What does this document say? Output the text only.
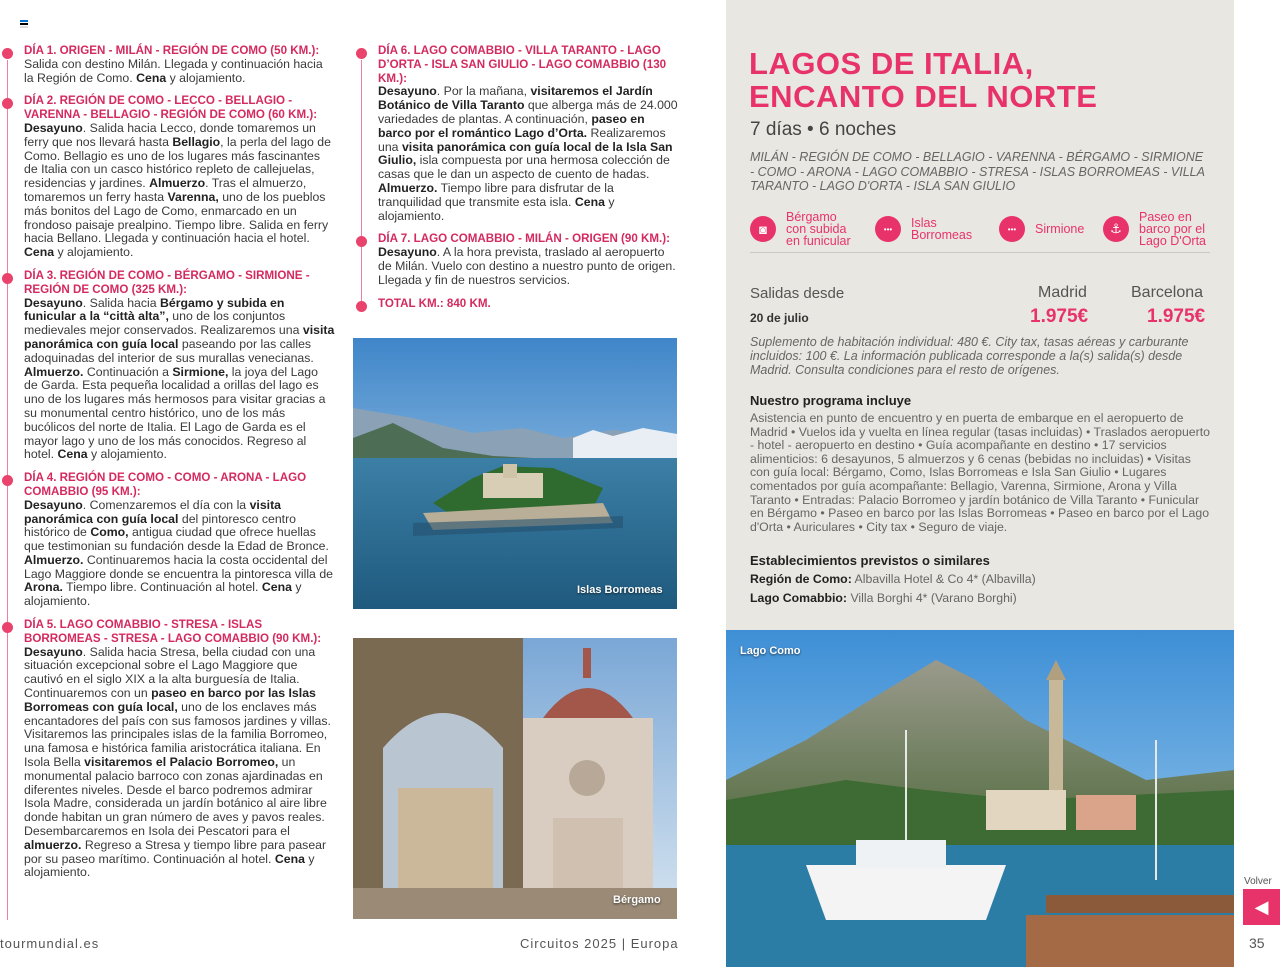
DÍA 1. ORIGEN - MILÁN - REGIÓN DE COMO (50 KM.):
Salida con destino Milán. Llegada y continuación hacia la Región de Como. Cena y alojamiento.
DÍA 2. REGIÓN DE COMO - LECCO - BELLAGIO - VARENNA - BELLAGIO - REGIÓN DE COMO (60 KM.):
Desayuno. Salida hacia Lecco, donde tomaremos un ferry que nos llevará hasta Bellagio, la perla del lago de Como. Bellagio es uno de los lugares más fascinantes de Italia con un casco histórico repleto de callejuelas, residencias y jardines. Almuerzo. Tras el almuerzo, tomaremos un ferry hasta Varenna, uno de los pueblos más bonitos del Lago de Como, enmarcado en un frondoso paisaje prealpino. Tiempo libre. Salida en ferry hacia Bellano. Llegada y continuación hacia el hotel. Cena y alojamiento.
DÍA 3. REGIÓN DE COMO - BÉRGAMO - SIRMIONE - REGIÓN DE COMO (325 KM.):
Desayuno. Salida hacia Bérgamo y subida en funicular a la “città alta”, uno de los conjuntos medievales mejor conservados. Realizaremos una visita panorámica con guía local paseando por las calles adoquinadas del interior de sus murallas venecianas. Almuerzo. Continuación a Sirmione, la joya del Lago de Garda. Esta pequeña localidad a orillas del lago es uno de los lugares más hermosos para visitar gracias a su monumental centro histórico, uno de los más bucólicos del norte de Italia. El Lago de Garda es el mayor lago y uno de los más conocidos. Regreso al hotel. Cena y alojamiento.
DÍA 4. REGIÓN DE COMO - COMO - ARONA - LAGO COMABBIO (95 KM.):
Desayuno. Comenzaremos el día con la visita panorámica con guía local del pintoresco centro histórico de Como, antigua ciudad que ofrece huellas que testimonian su fundación desde la Edad de Bronce. Almuerzo. Continuaremos hacia la costa occidental del Lago Maggiore donde se encuentra la pintoresca villa de Arona. Tiempo libre. Continuación al hotel. Cena y alojamiento.
DÍA 5. LAGO COMABBIO - STRESA - ISLAS BORROMEAS - STRESA - LAGO COMABBIO (90 KM.):
Desayuno. Salida hacia Stresa, bella ciudad con una situación excepcional sobre el Lago Maggiore que cautivó en el siglo XIX a la alta burguesía de Italia. Continuaremos con un paseo en barco por las Islas Borromeas con guía local, uno de los enclaves más encantadores del país con sus famosos jardines y villas. Visitaremos las principales islas de la familia Borromeo, una famosa e histórica familia aristocrática italiana. En Isola Bella visitaremos el Palacio Borromeo, un monumental palacio barroco con zonas ajardinadas en diferentes niveles. Desde el barco podremos admirar Isola Madre, considerada un jardín botánico al aire libre donde habitan un gran número de aves y pavos reales. Desembarcaremos en Isola dei Pescatori para el almuerzo. Regreso a Stresa y tiempo libre para pasear por su paseo marítimo. Continuación al hotel. Cena y alojamiento.
DÍA 6. LAGO COMABBIO - VILLA TARANTO - LAGO D’ORTA - ISLA SAN GIULIO - LAGO COMABBIO (130 KM.):
Desayuno. Por la mañana, visitaremos el Jardín Botánico de Villa Taranto que alberga más de 24.000 variedades de plantas. A continuación, paseo en barco por el romántico Lago d’Orta. Realizaremos una visita panorámica con guía local de la Isla San Giulio, isla compuesta por una hermosa colección de casas que le dan un aspecto de cuento de hadas. Almuerzo. Tiempo libre para disfrutar de la tranquilidad que transmite esta isla. Cena y alojamiento.
DÍA 7. LAGO COMABBIO - MILÁN - ORIGEN (90 KM.):
Desayuno. A la hora prevista, traslado al aeropuerto de Milán. Vuelo con destino a nuestro punto de origen. Llegada y fin de nuestros servicios.
TOTAL KM.: 840 KM.
Islas Borromeas
Bérgamo
LAGOS DE ITALIA,
ENCANTO DEL NORTE
7 días • 6 noches
MILÁN - REGIÓN DE COMO - BELLAGIO - VARENNA - BÉRGAMO - SIRMIONE - COMO - ARONA - LAGO COMABBIO - STRESA - ISLAS BORROMEAS - VILLA TARANTO - LAGO D'ORTA - ISLA SAN GIULIO
◙
Bérgamo
con subida
en funicular
•••	Islas
Borromeas	•••	Sirmione	⚓
Paseo en
barco por el
Lago D'Orta
Salidas desde	Madrid	Barcelona
20 de julio	1.975€	1.975€
Suplemento de habitación individual: 480 €. City tax, tasas aéreas y carburante incluidos: 100 €. La información publicada corresponde a la(s) salida(s) desde Madrid. Consulta condiciones para el resto de orígenes.
Nuestro programa incluye
Asistencia en punto de encuentro y en puerta de embarque en el aeropuerto de Madrid • Vuelos ida y vuelta en línea regular (tasas incluidas) • Traslados aeropuerto - hotel - aeropuerto en destino • Guía acompañante en destino • 17 servicios alimenticios: 6 desayunos, 5 almuerzos y 6 cenas (bebidas no incluidas) • Visitas con guía local: Bérgamo, Como, Islas Borromeas e Isla San Giulio • Lugares comentados por guía acompañante: Bellagio, Varenna, Sirmione, Arona y Villa Taranto • Entradas: Palacio Borromeo y jardín botánico de Villa Taranto • Funicular en Bérgamo • Paseo en barco por las Islas Borromeas • Paseo en barco por el Lago d'Orta • Auriculares • City tax • Seguro de viaje.
Establecimientos previstos o similares
Región de Como: Albavilla Hotel & Co 4* (Albavilla)
Lago Comabbio: Villa Borghi 4* (Varano Borghi)
Lago Como
tourmundial.es	Circuitos 2025 | Europa
Volver
◀
35
